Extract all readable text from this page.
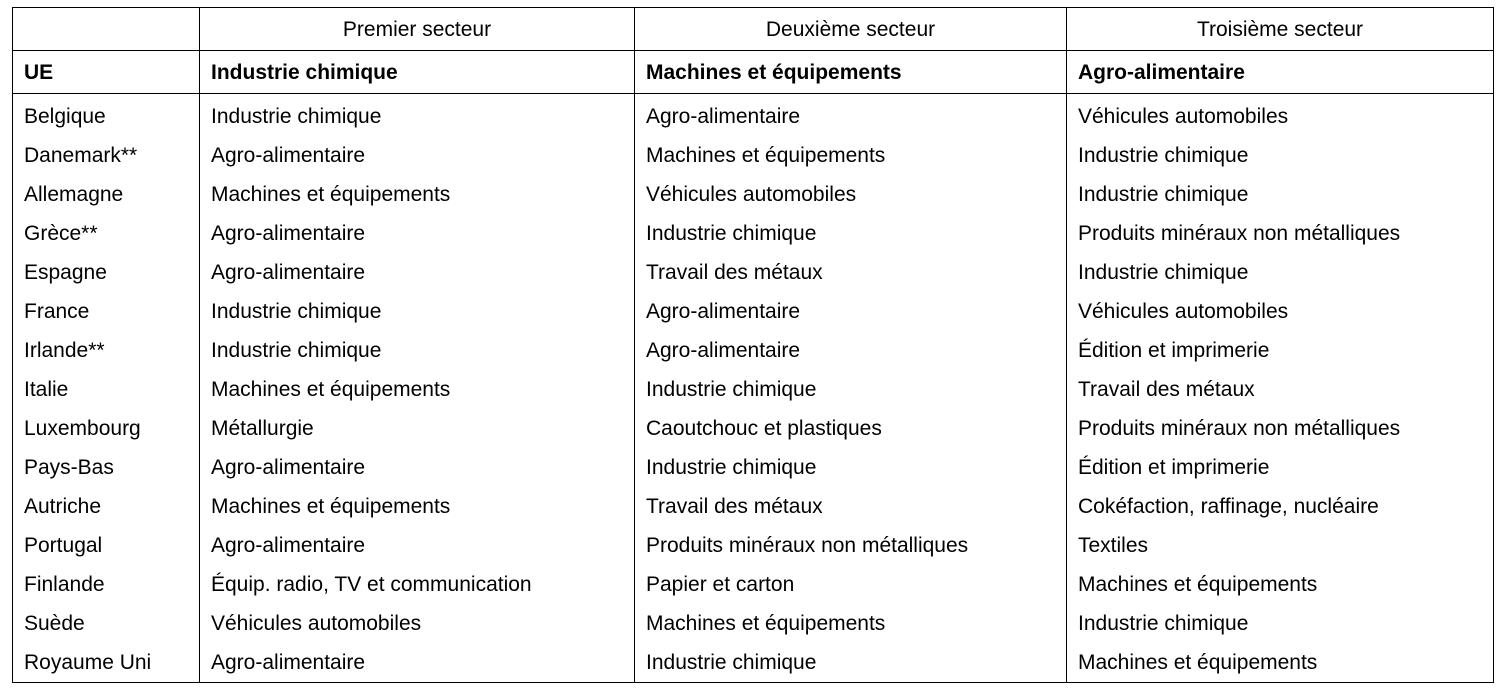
	Premier secteur	Deuxième secteur	Troisième secteur
UE	Industrie chimique	Machines et équipements	Agro-alimentaire
Belgique	Industrie chimique	Agro-alimentaire	Véhicules automobiles
Danemark**	Agro-alimentaire	Machines et équipements	Industrie chimique
Allemagne	Machines et équipements	Véhicules automobiles	Industrie chimique
Grèce**	Agro-alimentaire	Industrie chimique	Produits minéraux non métalliques
Espagne	Agro-alimentaire	Travail des métaux	Industrie chimique
France	Industrie chimique	Agro-alimentaire	Véhicules automobiles
Irlande**	Industrie chimique	Agro-alimentaire	Édition et imprimerie
Italie	Machines et équipements	Industrie chimique	Travail des métaux
Luxembourg	Métallurgie	Caoutchouc et plastiques	Produits minéraux non métalliques
Pays-Bas	Agro-alimentaire	Industrie chimique	Édition et imprimerie
Autriche	Machines et équipements	Travail des métaux	Cokéfaction, raffinage, nucléaire
Portugal	Agro-alimentaire	Produits minéraux non métalliques	Textiles
Finlande	Équip. radio, TV et communication	Papier et carton	Machines et équipements
Suède	Véhicules automobiles	Machines et équipements	Industrie chimique
Royaume Uni	Agro-alimentaire	Industrie chimique	Machines et équipements
